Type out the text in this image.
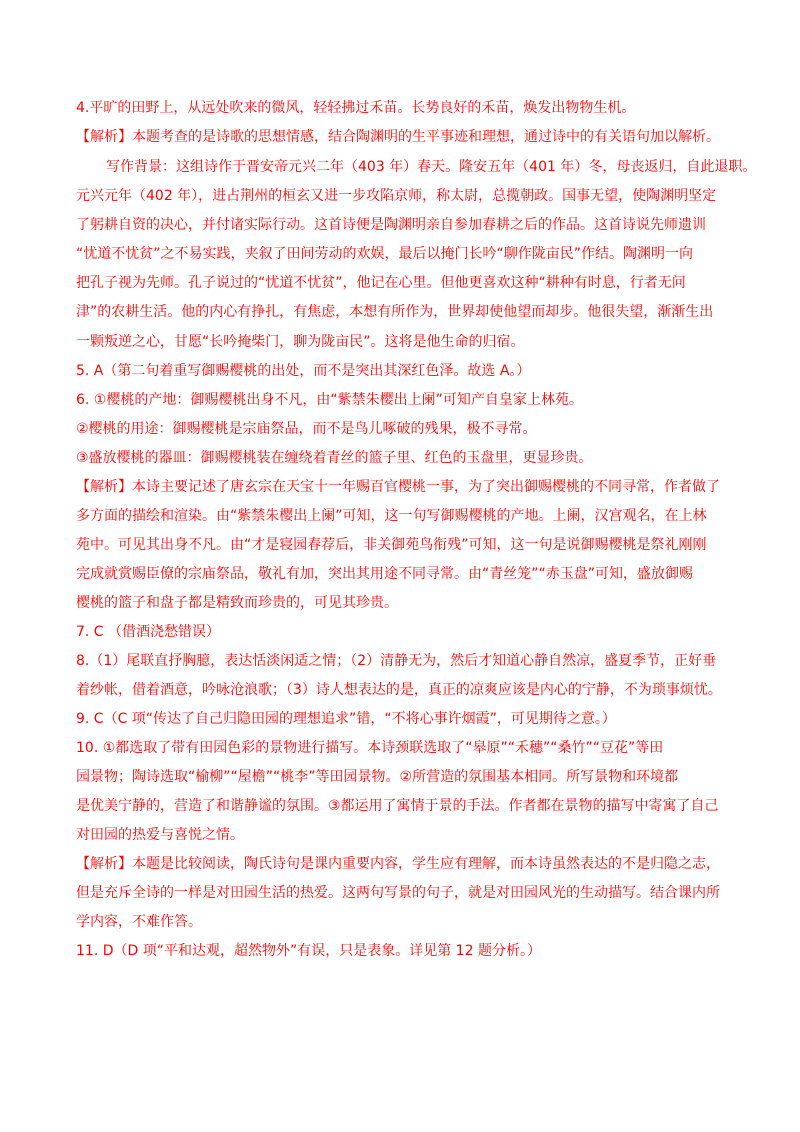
4.平旷的田野上，从远处吹来的微风，轻轻拂过禾苗。长势良好的禾苗，焕发出物物生机。
【解析】本题考查的是诗歌的思想情感，结合陶渊明的生平事迹和理想，通过诗中的有关语句加以解析。
写作背景：这组诗作于晋安帝元兴二年（403 年）春天。隆安五年（401 年）冬，母丧返归，自此退职。
元兴元年（402 年），进占荆州的桓玄又进一步攻陷京师，称太尉，总揽朝政。国事无望，使陶渊明坚定
了躬耕自资的决心，并付诸实际行动。这首诗便是陶渊明亲自参加春耕之后的作品。这首诗说先师遗训
“忧道不忧贫”之不易实践，夹叙了田间劳动的欢娱，最后以掩门长吟“聊作陇亩民”作结。陶渊明一向
把孔子视为先师。孔子说过的“忧道不忧贫”，他记在心里。但他更喜欢这种“耕种有时息，行者无问
津”的农耕生活。他的内心有挣扎，有焦虑，本想有所作为，世界却使他望而却步。他很失望，渐渐生出
一颗叛逆之心，甘愿“长吟掩柴门，聊为陇亩民”。这将是他生命的归宿。
5. A（第二句着重写御赐樱桃的出处，而不是突出其深红色泽。故选 A。）
6. ①樱桃的产地：御赐樱桃出身不凡，由“紫禁朱樱出上阑”可知产自皇家上林苑。
②樱桃的用途：御赐樱桃是宗庙祭品，而不是鸟儿啄破的残果，极不寻常。
③盛放樱桃的器皿：御赐樱桃装在缠绕着青丝的篮子里、红色的玉盘里，更显珍贵。
【解析】本诗主要记述了唐玄宗在天宝十一年赐百官樱桃一事，为了突出御赐樱桃的不同寻常，作者做了
多方面的描绘和渲染。由“紫禁朱樱出上阑”可知，这一句写御赐樱桃的产地。上阑，汉宫观名，在上林
苑中。可见其出身不凡。由“才是寝园春荐后，非关御苑鸟衔残”可知，这一句是说御赐樱桃是祭礼刚刚
完成就赏赐臣僚的宗庙祭品，敬礼有加，突出其用途不同寻常。由“青丝笼”“赤玉盘”可知，盛放御赐
樱桃的篮子和盘子都是精致而珍贵的，可见其珍贵。
7. C （借酒浇愁错误）
8.（1）尾联直抒胸臆，表达恬淡闲适之情；（2）清静无为，然后才知道心静自然凉，盛夏季节，正好垂
着纱帐，借着酒意，吟咏沧浪歌；（3）诗人想表达的是，真正的凉爽应该是内心的宁静，不为琐事烦忧。
9. C（C 项“传达了自己归隐田园的理想追求”错，“不将心事许烟霞”，可见期待之意。）
10. ①都选取了带有田园色彩的景物进行描写。本诗颈联选取了“皋原”“禾穗”“桑竹”“豆花”等田
园景物；陶诗选取“榆柳”“屋檐”“桃李”等田园景物。②所营造的氛围基本相同。所写景物和环境都
是优美宁静的，营造了和谐静谧的氛围。③都运用了寓情于景的手法。作者都在景物的描写中寄寓了自己
对田园的热爱与喜悦之情。
【解析】本题是比较阅读，陶氏诗句是课内重要内容，学生应有理解，而本诗虽然表达的不是归隐之志，
但是充斥全诗的一样是对田园生活的热爱。这两句写景的句子，就是对田园风光的生动描写。结合课内所
学内容，不难作答。
11. D（D 项“平和达观，超然物外”有误，只是表象。详见第 12 题分析。）
